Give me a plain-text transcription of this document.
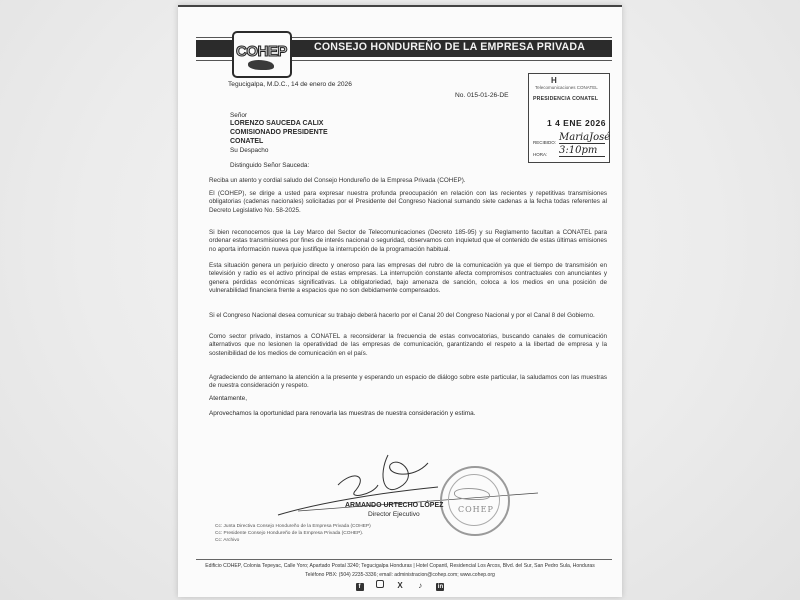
COHEP	CONSEJO HONDUREÑO DE LA EMPRESA PRIVADA
Tegucigalpa, M.D.C., 14 de enero de 2026
No. 015-01-26-DE
H
Telecomunicaciones CONATEL
PRESIDENCIA CONATEL
1 4 ENE 2026
RECIBIDO: MariaJosé
HORA: 3:10pm
Señor
LORENZO SAUCEDA CALIX
COMISIONADO PRESIDENTE
CONATEL
Su Despacho
Distinguido Señor Sauceda:
Reciba un atento y cordial saludo del Consejo Hondureño de la Empresa Privada (COHEP).
El (COHEP), se dirige a usted para expresar nuestra profunda preocupación en relación con las recientes y repetitivas transmisiones obligatorias (cadenas nacionales) solicitadas por el Presidente del Congreso Nacional sumando siete cadenas a la fecha todas referentes al Decreto Legislativo No. 58-2025.
Si bien reconocemos que la Ley Marco del Sector de Telecomunicaciones (Decreto 185-95) y su Reglamento facultan a CONATEL para ordenar estas transmisiones por fines de interés nacional o seguridad, observamos con inquietud que el contenido de estas últimas emisiones no aporta información nueva que justifique la interrupción de la programación habitual.
Esta situación genera un perjuicio directo y oneroso para las empresas del rubro de la comunicación ya que el tiempo de transmisión en televisión y radio es el activo principal de estas empresas. La interrupción constante afecta compromisos contractuales con anunciantes y genera pérdidas económicas significativas. La obligatoriedad, bajo amenaza de sanción, coloca a los medios en una posición de vulnerabilidad financiera frente a espacios que no son debidamente compensados.
Si el Congreso Nacional desea comunicar su trabajo deberá hacerlo por el Canal 20 del Congreso Nacional y por el Canal 8 del Gobierno.
Como sector privado, instamos a CONATEL a reconsiderar la frecuencia de estas convocatorias, buscando canales de comunicación alternativos que no lesionen la operatividad de las empresas de comunicación, garantizando el respeto a la libertad de empresa y la sostenibilidad de los medios de comunicación en el país.
Agradeciendo de antemano la atención a la presente y esperando un espacio de diálogo sobre este particular, la saludamos con las muestras de nuestra consideración y respeto.
Atentamente,
Aprovechamos la oportunidad para renovarla las muestras de nuestra consideración y estima.
COHEP
ARMANDO URTECHO LÓPEZ
Director Ejecutivo
Cc: Junta Directiva Consejo Hondureño de la Empresa Privada (COHEP)
Cc: Presidente Consejo Hondureño de la Empresa Privada (COHEP).
Cc: Archivo
Edificio COHEP, Colonia Tepeyac, Calle Yoro; Apartado Postal 3240; Tegucigalpa Honduras | Hotel Copantl, Residencial Los Arcos, Blvd. del Sur, San Pedro Sula, Honduras
Teléfono PBX: (504) 2235-3336; email: administracion@cohep.com; www.cohep.org
f	X ♪	in
